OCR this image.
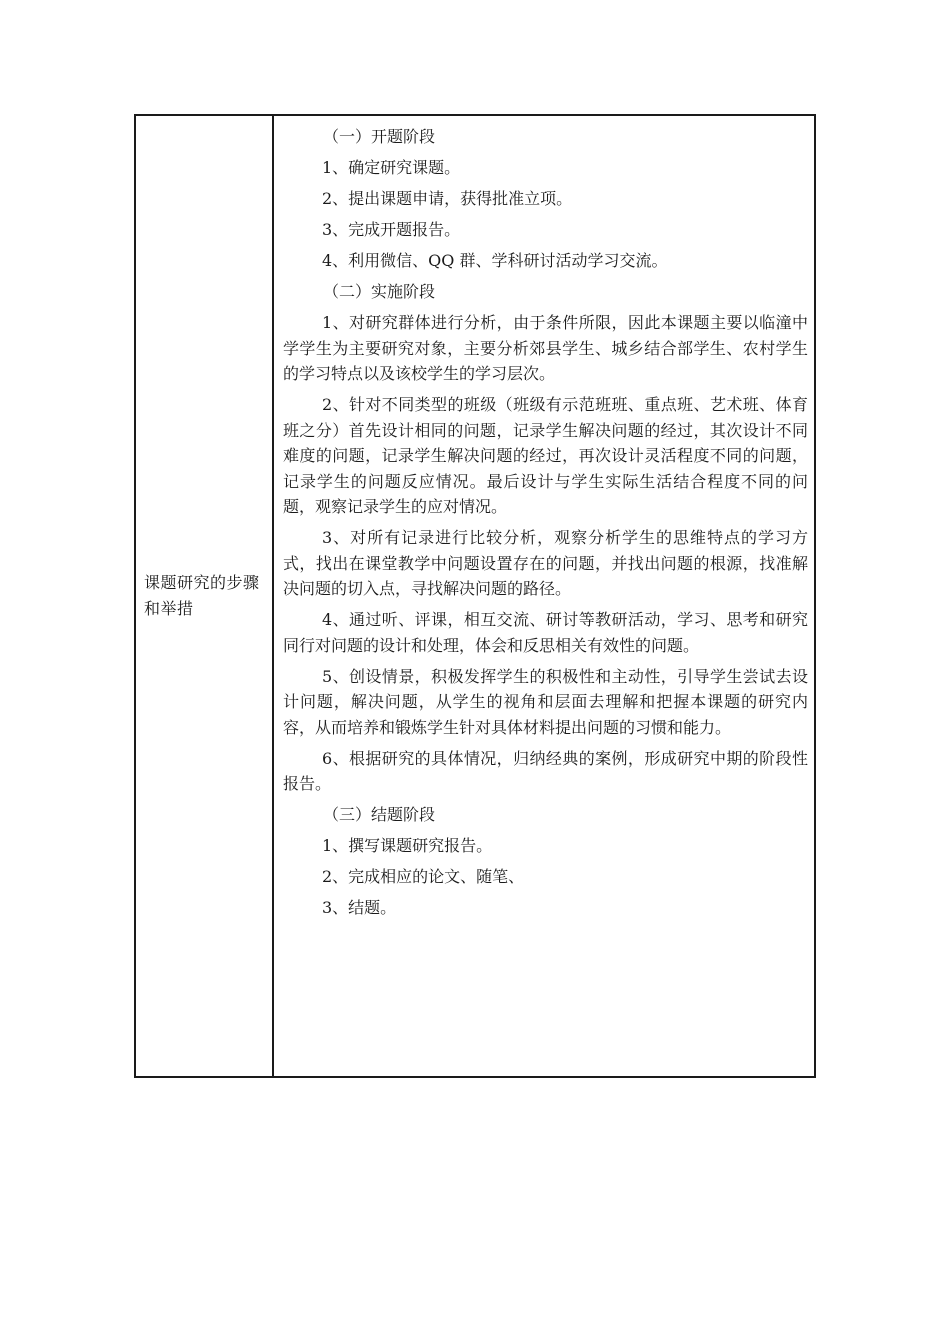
课题研究的步骤和举措
（一）开题阶段
1、确定研究课题。
2、提出课题申请，获得批准立项。
3、完成开题报告。
4、利用微信、QQ 群、学科研讨活动学习交流。
（二）实施阶段
1、对研究群体进行分析，由于条件所限，因此本课题主要以临潼中学学生为主要研究对象，主要分析郊县学生、城乡结合部学生、农村学生的学习特点以及该校学生的学习层次。
2、针对不同类型的班级（班级有示范班班、重点班、艺术班、体育班之分）首先设计相同的问题，记录学生解决问题的经过，其次设计不同难度的问题，记录学生解决问题的经过，再次设计灵活程度不同的问题，记录学生的问题反应情况。最后设计与学生实际生活结合程度不同的问题，观察记录学生的应对情况。
3、对所有记录进行比较分析，观察分析学生的思维特点的学习方式，找出在课堂教学中问题设置存在的问题，并找出问题的根源，找准解决问题的切入点，寻找解决问题的路径。
4、通过听、评课，相互交流、研讨等教研活动，学习、思考和研究同行对问题的设计和处理，体会和反思相关有效性的问题。
5、创设情景，积极发挥学生的积极性和主动性，引导学生尝试去设计问题，解决问题，从学生的视角和层面去理解和把握本课题的研究内容，从而培养和锻炼学生针对具体材料提出问题的习惯和能力。
6、根据研究的具体情况，归纳经典的案例，形成研究中期的阶段性报告。
（三）结题阶段
1、撰写课题研究报告。
2、完成相应的论文、随笔、
3、结题。
